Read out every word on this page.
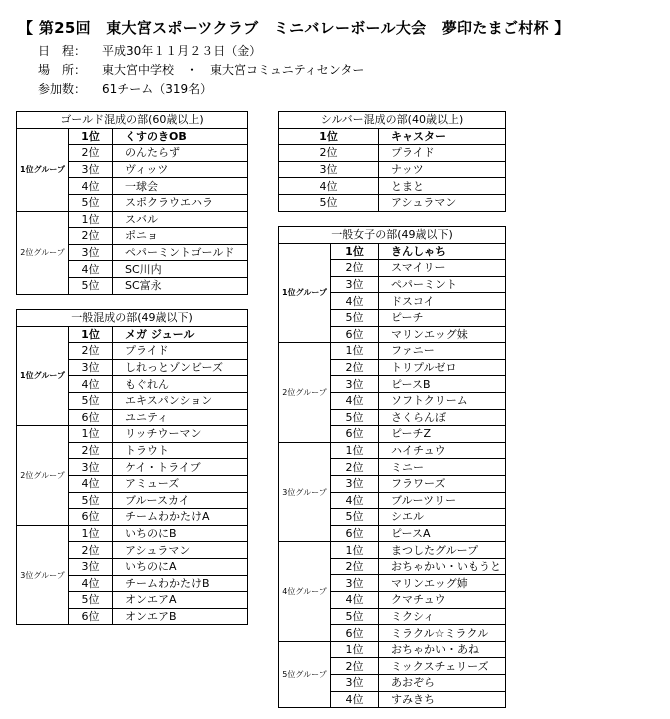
【 第25回　東大宮スポーツクラブ　ミニバレーボール大会　夢印たまご村杯 】
日　程： 平成30年１１月２３日（金）
場　所： 東大宮中学校　・　東大宮コミュニティセンター
参加数： 61チーム（319名）
ゴールド混成の部(60歳以上)		
1位グループ	1位	くすのきOB
	2位	のんたらず
	3位	ヴィッツ
	4位	一球会
	5位	スポクラウエハラ
2位グループ	1位	スバル
	2位	ポニョ
	3位	ペパーミントゴールド
	4位	SC川内
	5位	SC富永
一般混成の部(49歳以下)		
1位グループ	1位	メガ ジュール
	2位	プライド
	3位	しれっとゾンビーズ
	4位	もぐれん
	5位	エキスパンション
	6位	ユニティ
2位グループ	1位	リッチウーマン
	2位	トラウト
	3位	ケイ・トライブ
	4位	アミューズ
	5位	ブルースカイ
	6位	チームわかたけA
3位グループ	1位	いちのにB
	2位	アシュラマン
	3位	いちのにA
	4位	チームわかたけB
	5位	オンエアA
	6位	オンエアB
シルバー混成の部(40歳以上)	
1位	キャスター
2位	プライド
3位	ナッツ
4位	とまと
5位	アシュラマン
一般女子の部(49歳以下)		
1位グループ	1位	きんしゃち
	2位	スマイリー
	3位	ペパーミント
	4位	ドスコイ
	5位	ピーチ
	6位	マリンエッグ妹
2位グループ	1位	ファニー
	2位	トリプルゼロ
	3位	ピースB
	4位	ソフトクリーム
	5位	さくらんぼ
	6位	ピーチZ
3位グループ	1位	ハイチュウ
	2位	ミニー
	3位	フラワーズ
	4位	ブルーツリー
	5位	シエル
	6位	ピースA
4位グループ	1位	まつしたグループ
	2位	おちゃかい・いもうと
	3位	マリンエッグ姉
	4位	クマチュウ
	5位	ミクシィ
	6位	ミラクル☆ミラクル
5位グループ	1位	おちゃかい・あね
	2位	ミックスチェリーズ
	3位	あおぞら
	4位	すみきち
